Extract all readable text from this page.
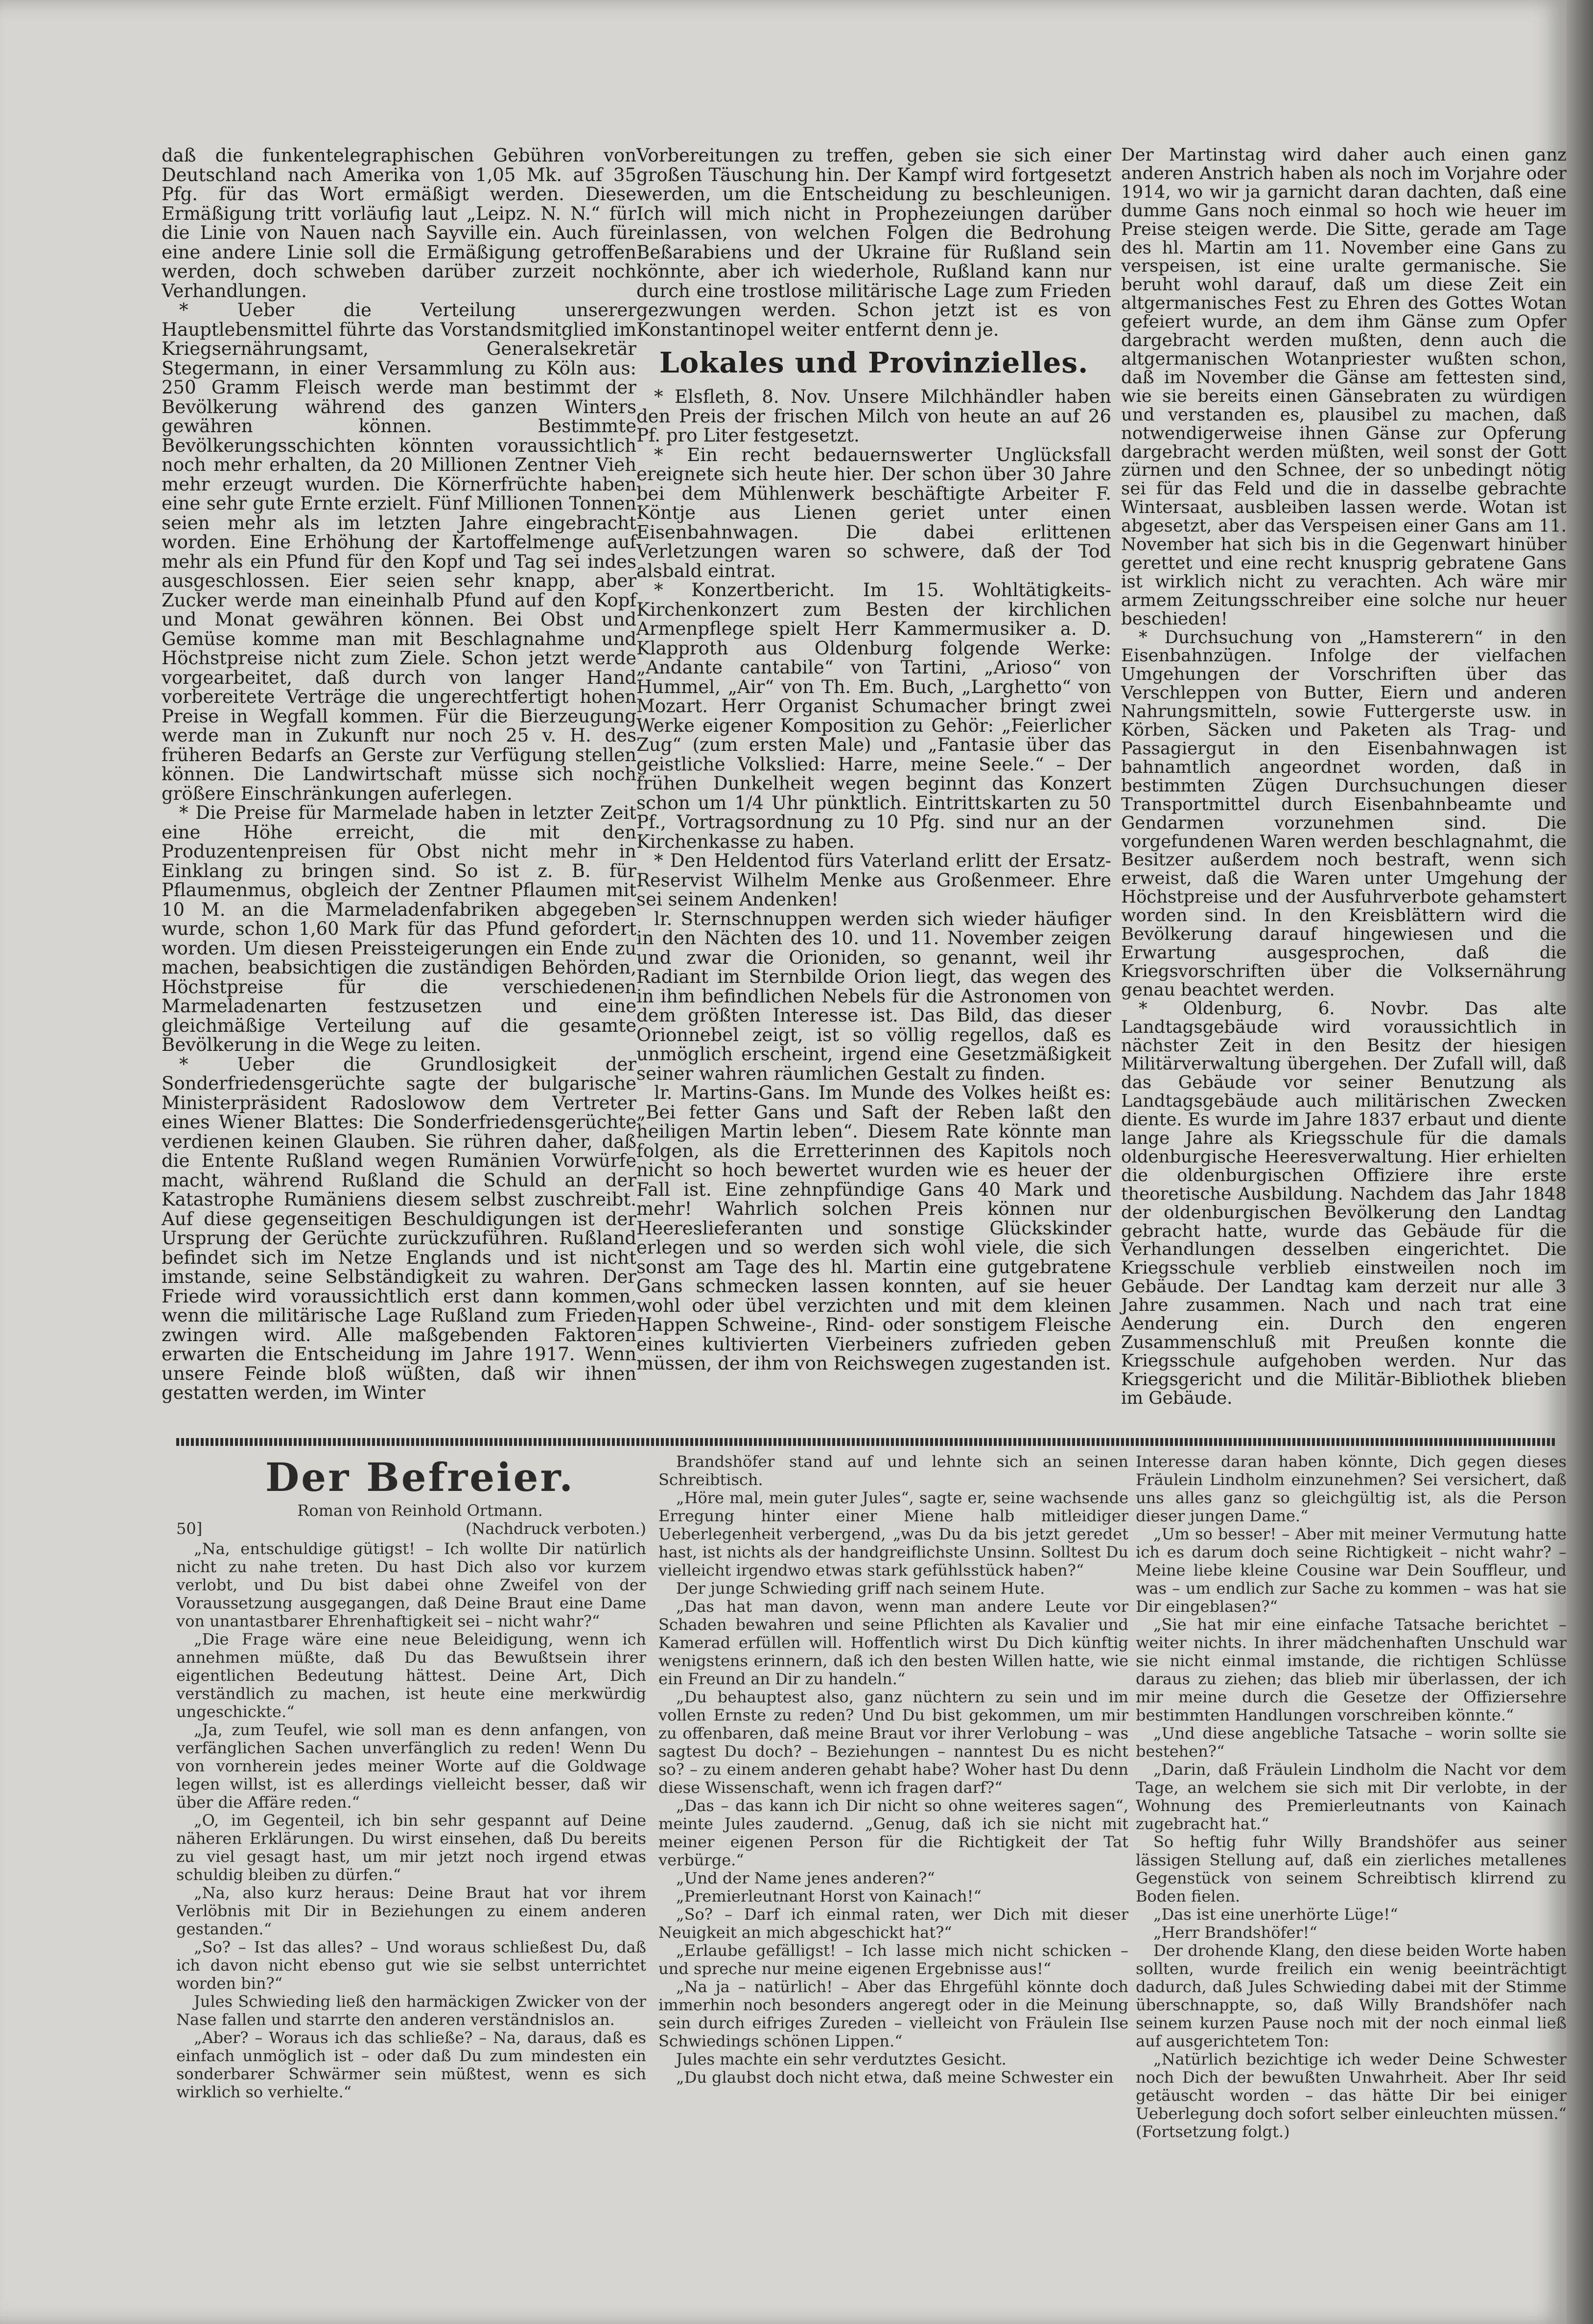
daß die funkentelegraphischen Gebühren von Deutschland nach Amerika von 1,05 Mk. auf 35 Pfg. für das Wort ermäßigt werden. Diese Ermäßigung tritt vorläufig laut „Leipz. N. N.“ für die Linie von Nauen nach Sayville ein. Auch für eine andere Linie soll die Ermäßigung getroffen werden, doch schweben darüber zurzeit noch Verhandlungen.

* Ueber die Verteilung unserer Hauptlebensmittel führte das Vorstandsmitglied im Kriegsernährungsamt, Generalsekretär Stegermann, in einer Versammlung zu Köln aus: 250 Gramm Fleisch werde man bestimmt der Bevölkerung während des ganzen Winters gewähren können. Bestimmte Bevölkerungsschichten könnten voraussichtlich noch mehr erhalten, da 20 Millionen Zentner Vieh mehr erzeugt wurden. Die Körnerfrüchte haben eine sehr gute Ernte erzielt. Fünf Millionen Tonnen seien mehr als im letzten Jahre eingebracht worden. Eine Erhöhung der Kartoffelmenge auf mehr als ein Pfund für den Kopf und Tag sei indes ausgeschlossen. Eier seien sehr knapp, aber Zucker werde man eineinhalb Pfund auf den Kopf und Monat gewähren können. Bei Obst und Gemüse komme man mit Beschlagnahme und Höchstpreise nicht zum Ziele. Schon jetzt werde vorgearbeitet, daß durch von langer Hand vorbereitete Verträge die ungerechtfertigt hohen Preise in Wegfall kommen. Für die Bierzeugung werde man in Zukunft nur noch 25 v. H. des früheren Bedarfs an Gerste zur Verfügung stellen können. Die Landwirtschaft müsse sich noch größere Einschränkungen auferlegen.

* Die Preise für Marmelade haben in letzter Zeit eine Höhe erreicht, die mit den Produzentenpreisen für Obst nicht mehr in Einklang zu bringen sind. So ist z. B. für Pflaumenmus, obgleich der Zentner Pflaumen mit 10 M. an die Marmeladenfabriken abgegeben wurde, schon 1,60 Mark für das Pfund gefordert worden. Um diesen Preissteigerungen ein Ende zu machen, beabsichtigen die zuständigen Behörden, Höchstpreise für die verschiedenen Marmeladenarten festzusetzen und eine gleichmäßige Verteilung auf die gesamte Bevölkerung in die Wege zu leiten.

* Ueber die Grundlosigkeit der Sonderfriedensgerüchte sagte der bulgarische Ministerpräsident Radoslowow dem Vertreter eines Wiener Blattes: Die Sonderfriedensgerüchte verdienen keinen Glauben. Sie rühren daher, daß die Entente Rußland wegen Rumänien Vorwürfe macht, während Rußland die Schuld an der Katastrophe Rumäniens diesem selbst zuschreibt. Auf diese gegenseitigen Beschuldigungen ist der Ursprung der Gerüchte zurückzuführen. Rußland befindet sich im Netze Englands und ist nicht imstande, seine Selbständigkeit zu wahren. Der Friede wird voraussichtlich erst dann kommen, wenn die militärische Lage Rußland zum Frieden zwingen wird. Alle maßgebenden Faktoren erwarten die Entscheidung im Jahre 1917. Wenn unsere Feinde bloß wüßten, daß wir ihnen gestatten werden, im Winter

Vorbereitungen zu treffen, geben sie sich einer großen Täuschung hin. Der Kampf wird fortgesetzt werden, um die Entscheidung zu beschleunigen. Ich will mich nicht in Prophezeiungen darüber einlassen, von welchen Folgen die Bedrohung Beßarabiens und der Ukraine für Rußland sein könnte, aber ich wiederhole, Rußland kann nur durch eine trostlose militärische Lage zum Frieden gezwungen werden. Schon jetzt ist es von Konstantinopel weiter entfernt denn je.

Lokales und Provinzielles.

* Elsfleth, 8. Nov. Unsere Milchhändler haben den Preis der frischen Milch von heute an auf 26 Pf. pro Liter festgesetzt.

* Ein recht bedauernswerter Unglücksfall ereignete sich heute hier. Der schon über 30 Jahre bei dem Mühlenwerk beschäftigte Arbeiter F. Köntje aus Lienen geriet unter einen Eisenbahnwagen. Die dabei erlittenen Verletzungen waren so schwere, daß der Tod alsbald eintrat.

* Konzertbericht. Im 15. Wohltätigkeits-Kirchenkonzert zum Besten der kirchlichen Armenpflege spielt Herr Kammermusiker a. D. Klapproth aus Oldenburg folgende Werke: „Andante cantabile“ von Tartini, „Arioso“ von Hummel, „Air“ von Th. Em. Buch, „Larghetto“ von Mozart. Herr Organist Schumacher bringt zwei Werke eigener Komposition zu Gehör: „Feierlicher Zug“ (zum ersten Male) und „Fantasie über das geistliche Volkslied: Harre, meine Seele.“ – Der frühen Dunkelheit wegen beginnt das Konzert schon um 1/4 Uhr pünktlich. Eintrittskarten zu 50 Pf., Vortragsordnung zu 10 Pfg. sind nur an der Kirchenkasse zu haben.

* Den Heldentod fürs Vaterland erlitt der Ersatz-Reservist Wilhelm Menke aus Großenmeer. Ehre sei seinem Andenken!

lr. Sternschnuppen werden sich wieder häufiger in den Nächten des 10. und 11. November zeigen und zwar die Orioniden, so genannt, weil ihr Radiant im Sternbilde Orion liegt, das wegen des in ihm befindlichen Nebels für die Astronomen von dem größten Interesse ist. Das Bild, das dieser Orionnebel zeigt, ist so völlig regellos, daß es unmöglich erscheint, irgend eine Gesetzmäßigkeit seiner wahren räumlichen Gestalt zu finden.

lr. Martins-Gans. Im Munde des Volkes heißt es: „Bei fetter Gans und Saft der Reben laßt den heiligen Martin leben“. Diesem Rate könnte man folgen, als die Erretterinnen des Kapitols noch nicht so hoch bewertet wurden wie es heuer der Fall ist. Eine zehnpfündige Gans 40 Mark und mehr! Wahrlich solchen Preis können nur Heereslieferanten und sonstige Glückskinder erlegen und so werden sich wohl viele, die sich sonst am Tage des hl. Martin eine gutgebratene Gans schmecken lassen konnten, auf sie heuer wohl oder übel verzichten und mit dem kleinen Happen Schweine-, Rind- oder sonstigem Fleische eines kultivierten Vierbeiners zufrieden geben müssen, der ihm von Reichswegen zugestanden ist.

Der Martinstag wird daher auch einen ganz anderen Anstrich haben als noch im Vorjahre oder 1914, wo wir ja garnicht daran dachten, daß eine dumme Gans noch einmal so hoch wie heuer im Preise steigen werde. Die Sitte, gerade am Tage des hl. Martin am 11. November eine Gans zu verspeisen, ist eine uralte germanische. Sie beruht wohl darauf, daß um diese Zeit ein altgermanisches Fest zu Ehren des Gottes Wotan gefeiert wurde, an dem ihm Gänse zum Opfer dargebracht werden mußten, denn auch die altgermanischen Wotanpriester wußten schon, daß im November die Gänse am fettesten sind, wie sie bereits einen Gänsebraten zu würdigen und verstanden es, plausibel zu machen, daß notwendigerweise ihnen Gänse zur Opferung dargebracht werden müßten, weil sonst der Gott zürnen und den Schnee, der so unbedingt nötig sei für das Feld und die in dasselbe gebrachte Wintersaat, ausbleiben lassen werde. Wotan ist abgesetzt, aber das Verspeisen einer Gans am 11. November hat sich bis in die Gegenwart hinüber gerettet und eine recht knusprig gebratene Gans ist wirklich nicht zu verachten. Ach wäre mir armem Zeitungsschreiber eine solche nur heuer beschieden!

* Durchsuchung von „Hamsterern“ in den Eisenbahnzügen. Infolge der vielfachen Umgehungen der Vorschriften über das Verschleppen von Butter, Eiern und anderen Nahrungsmitteln, sowie Futtergerste usw. in Körben, Säcken und Paketen als Trag- und Passagiergut in den Eisenbahnwagen ist bahnamtlich angeordnet worden, daß in bestimmten Zügen Durchsuchungen dieser Transportmittel durch Eisenbahnbeamte und Gendarmen vorzunehmen sind. Die vorgefundenen Waren werden beschlagnahmt, die Besitzer außerdem noch bestraft, wenn sich erweist, daß die Waren unter Umgehung der Höchstpreise und der Ausfuhrverbote gehamstert worden sind. In den Kreisblättern wird die Bevölkerung darauf hingewiesen und die Erwartung ausgesprochen, daß die Kriegsvorschriften über die Volksernährung genau beachtet werden.

* Oldenburg, 6. Novbr. Das alte Landtagsgebäude wird voraussichtlich in nächster Zeit in den Besitz der hiesigen Militärverwaltung übergehen. Der Zufall will, daß das Gebäude vor seiner Benutzung als Landtagsgebäude auch militärischen Zwecken diente. Es wurde im Jahre 1837 erbaut und diente lange Jahre als Kriegsschule für die damals oldenburgische Heeresverwaltung. Hier erhielten die oldenburgischen Offiziere ihre erste theoretische Ausbildung. Nachdem das Jahr 1848 der oldenburgischen Bevölkerung den Landtag gebracht hatte, wurde das Gebäude für die Verhandlungen desselben eingerichtet. Die Kriegsschule verblieb einstweilen noch im Gebäude. Der Landtag kam derzeit nur alle 3 Jahre zusammen. Nach und nach trat eine Aenderung ein. Durch den engeren Zusammenschluß mit Preußen konnte die Kriegsschule aufgehoben werden. Nur das Kriegsgericht und die Militär-Bibliothek blieben im Gebäude.

Der Befreier.

Roman von Reinhold Ortmann.

50]	(Nachdruck verboten.)

„Na, entschuldige gütigst! – Ich wollte Dir natürlich nicht zu nahe treten. Du hast Dich also vor kurzem verlobt, und Du bist dabei ohne Zweifel von der Voraussetzung ausgegangen, daß Deine Braut eine Dame von unantastbarer Ehrenhaftigkeit sei – nicht wahr?“

„Die Frage wäre eine neue Beleidigung, wenn ich annehmen müßte, daß Du das Bewußtsein ihrer eigentlichen Bedeutung hättest. Deine Art, Dich verständlich zu machen, ist heute eine merkwürdig ungeschickte.“

„Ja, zum Teufel, wie soll man es denn anfangen, von verfänglichen Sachen unverfänglich zu reden! Wenn Du von vornherein jedes meiner Worte auf die Goldwage legen willst, ist es allerdings vielleicht besser, daß wir über die Affäre reden.“

„O, im Gegenteil, ich bin sehr gespannt auf Deine näheren Erklärungen. Du wirst einsehen, daß Du bereits zu viel gesagt hast, um mir jetzt noch irgend etwas schuldig bleiben zu dürfen.“

„Na, also kurz heraus: Deine Braut hat vor ihrem Verlöbnis mit Dir in Beziehungen zu einem anderen gestanden.“

„So? – Ist das alles? – Und woraus schließest Du, daß ich davon nicht ebenso gut wie sie selbst unterrichtet worden bin?“

Jules Schwieding ließ den harmäckigen Zwicker von der Nase fallen und starrte den anderen verständnislos an.

„Aber? – Woraus ich das schließe? – Na, daraus, daß es einfach unmöglich ist – oder daß Du zum mindesten ein sonderbarer Schwärmer sein müßtest, wenn es sich wirklich so verhielte.“

Brandshöfer stand auf und lehnte sich an seinen Schreibtisch.

„Höre mal, mein guter Jules“, sagte er, seine wachsende Erregung hinter einer Miene halb mitleidiger Ueberlegenheit verbergend, „was Du da bis jetzt geredet hast, ist nichts als der handgreiflichste Unsinn. Solltest Du vielleicht irgendwo etwas stark gefühlsstück haben?“

Der junge Schwieding griff nach seinem Hute.

„Das hat man davon, wenn man andere Leute vor Schaden bewahren und seine Pflichten als Kavalier und Kamerad erfüllen will. Hoffentlich wirst Du Dich künftig wenigstens erinnern, daß ich den besten Willen hatte, wie ein Freund an Dir zu handeln.“

„Du behauptest also, ganz nüchtern zu sein und im vollen Ernste zu reden? Und Du bist gekommen, um mir zu offenbaren, daß meine Braut vor ihrer Verlobung – was sagtest Du doch? – Beziehungen – nanntest Du es nicht so? – zu einem anderen gehabt habe? Woher hast Du denn diese Wissenschaft, wenn ich fragen darf?“

„Das – das kann ich Dir nicht so ohne weiteres sagen“, meinte Jules zaudernd. „Genug, daß ich sie nicht mit meiner eigenen Person für die Richtigkeit der Tat verbürge.“

„Und der Name jenes anderen?“

„Premierleutnant Horst von Kainach!“

„So? – Darf ich einmal raten, wer Dich mit dieser Neuigkeit an mich abgeschickt hat?“

„Erlaube gefälligst! – Ich lasse mich nicht schicken – und spreche nur meine eigenen Ergebnisse aus!“

„Na ja – natürlich! – Aber das Ehrgefühl könnte doch immerhin noch besonders angeregt oder in die Meinung sein durch eifriges Zureden – vielleicht von Fräulein Ilse Schwiedings schönen Lippen.“

Jules machte ein sehr verdutztes Gesicht.

„Du glaubst doch nicht etwa, daß meine Schwester ein

Interesse daran haben könnte, Dich gegen dieses Fräulein Lindholm einzunehmen? Sei versichert, daß uns alles ganz so gleichgültig ist, als die Person dieser jungen Dame.“

„Um so besser! – Aber mit meiner Vermutung hatte ich es darum doch seine Richtigkeit – nicht wahr? – Meine liebe kleine Cousine war Dein Souffleur, und was – um endlich zur Sache zu kommen – was hat sie Dir eingeblasen?“

„Sie hat mir eine einfache Tatsache berichtet – weiter nichts. In ihrer mädchenhaften Unschuld war sie nicht einmal imstande, die richtigen Schlüsse daraus zu ziehen; das blieb mir überlassen, der ich mir meine durch die Gesetze der Offiziersehre bestimmten Handlungen vorschreiben könnte.“

„Und diese angebliche Tatsache – worin sollte sie bestehen?“

„Darin, daß Fräulein Lindholm die Nacht vor dem Tage, an welchem sie sich mit Dir verlobte, in der Wohnung des Premierleutnants von Kainach zugebracht hat.“

So heftig fuhr Willy Brandshöfer aus seiner lässigen Stellung auf, daß ein zierliches metallenes Gegenstück von seinem Schreibtisch klirrend zu Boden fielen.

„Das ist eine unerhörte Lüge!“

„Herr Brandshöfer!“

Der drohende Klang, den diese beiden Worte haben sollten, wurde freilich ein wenig beeinträchtigt dadurch, daß Jules Schwieding dabei mit der Stimme überschnappte, so, daß Willy Brandshöfer nach seinem kurzen Pause noch mit der noch einmal ließ auf ausgerichtetem Ton:

„Natürlich bezichtige ich weder Deine Schwester noch Dich der bewußten Unwahrheit. Aber Ihr seid getäuscht worden – das hätte Dir bei einiger Ueberlegung doch sofort selber einleuchten müssen.“ (Fortsetzung folgt.)
